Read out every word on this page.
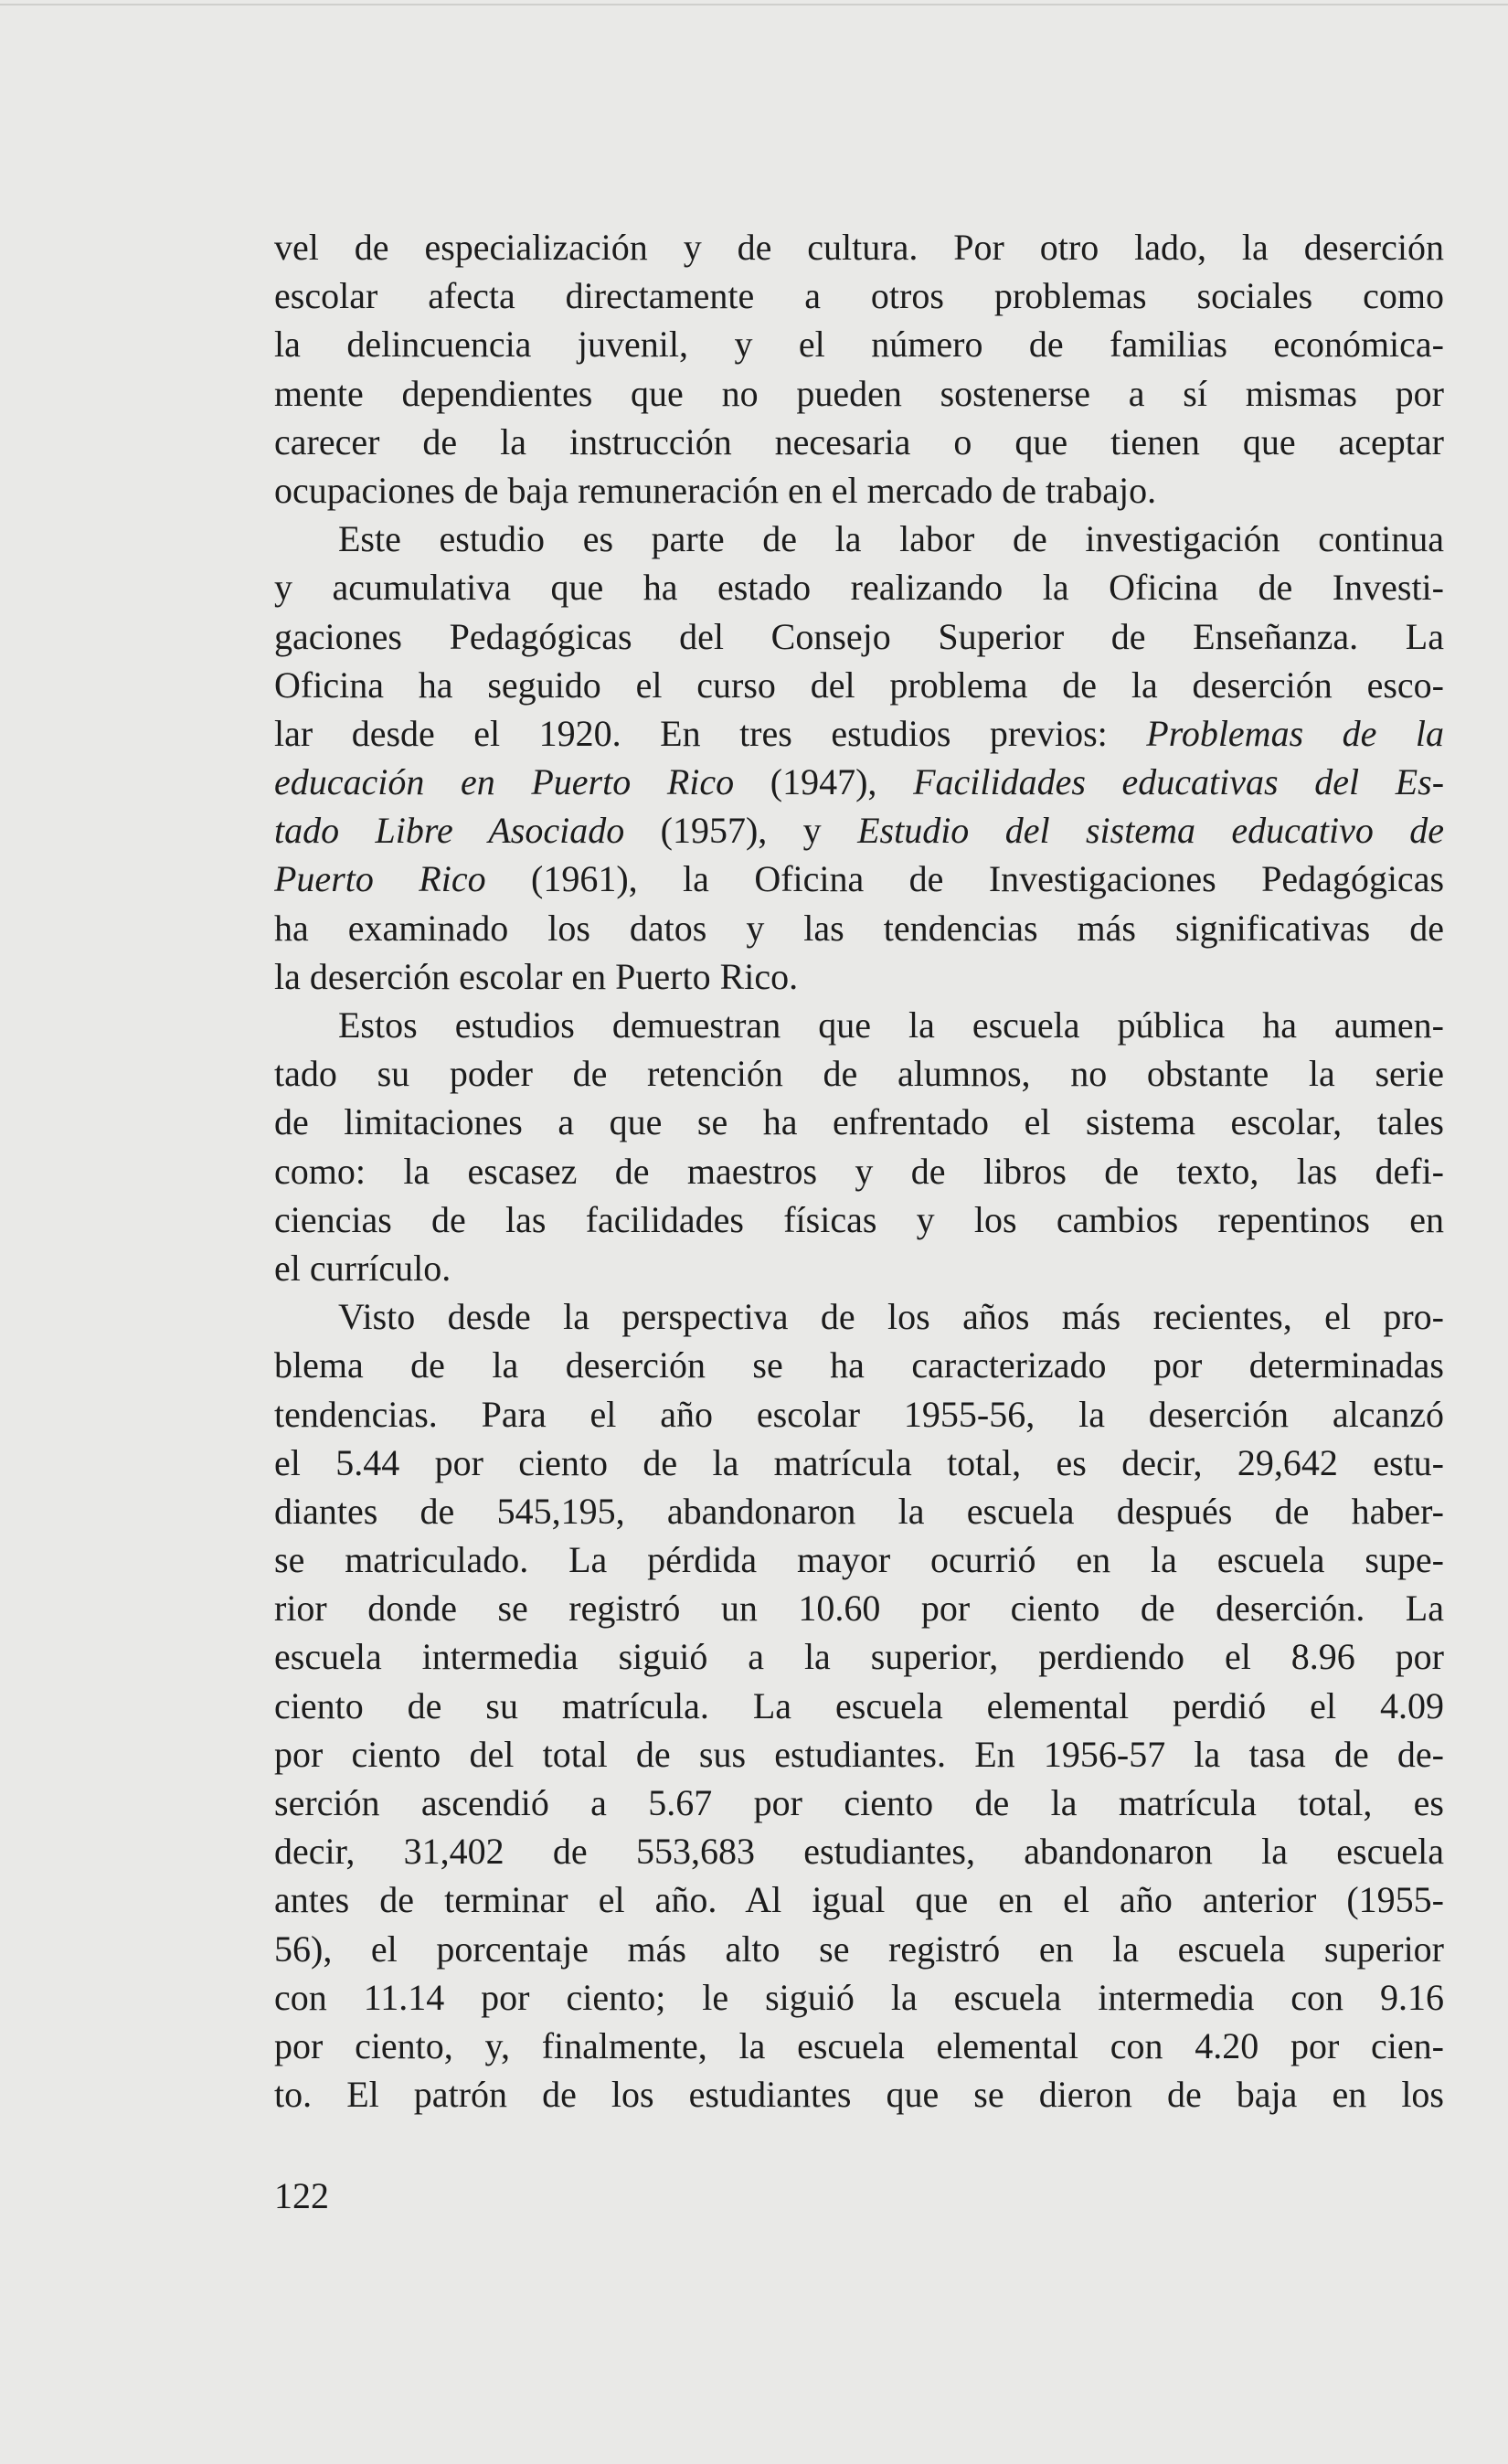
vel de especialización y de cultura. Por otro lado, la deserción
escolar afecta directamente a otros problemas sociales como
la delincuencia juvenil, y el número de familias económica-
mente dependientes que no pueden sostenerse a sí mismas por
carecer de la instrucción necesaria o que tienen que aceptar
ocupaciones de baja remuneración en el mercado de trabajo.
Este estudio es parte de la labor de investigación continua
y acumulativa que ha estado realizando la Oficina de Investi-
gaciones Pedagógicas del Consejo Superior de Enseñanza. La
Oficina ha seguido el curso del problema de la deserción esco-
lar desde el 1920. En tres estudios previos: Problemas de la
educación en Puerto Rico (1947), Facilidades educativas del Es-
tado Libre Asociado (1957), y Estudio del sistema educativo de
Puerto Rico (1961), la Oficina de Investigaciones Pedagógicas
ha examinado los datos y las tendencias más significativas de
la deserción escolar en Puerto Rico.
Estos estudios demuestran que la escuela pública ha aumen-
tado su poder de retención de alumnos, no obstante la serie
de limitaciones a que se ha enfrentado el sistema escolar, tales
como: la escasez de maestros y de libros de texto, las defi-
ciencias de las facilidades físicas y los cambios repentinos en
el currículo.
Visto desde la perspectiva de los años más recientes, el pro-
blema de la deserción se ha caracterizado por determinadas
tendencias. Para el año escolar 1955-56, la deserción alcanzó
el 5.44 por ciento de la matrícula total, es decir, 29,642 estu-
diantes de 545,195, abandonaron la escuela después de haber-
se matriculado. La pérdida mayor ocurrió en la escuela supe-
rior donde se registró un 10.60 por ciento de deserción. La
escuela intermedia siguió a la superior, perdiendo el 8.96 por
ciento de su matrícula. La escuela elemental perdió el 4.09
por ciento del total de sus estudiantes. En 1956-57 la tasa de de-
serción ascendió a 5.67 por ciento de la matrícula total, es
decir, 31,402 de 553,683 estudiantes, abandonaron la escuela
antes de terminar el año. Al igual que en el año anterior (1955-
56), el porcentaje más alto se registró en la escuela superior
con 11.14 por ciento; le siguió la escuela intermedia con 9.16
por ciento, y, finalmente, la escuela elemental con 4.20 por cien-
to. El patrón de los estudiantes que se dieron de baja en los
122
